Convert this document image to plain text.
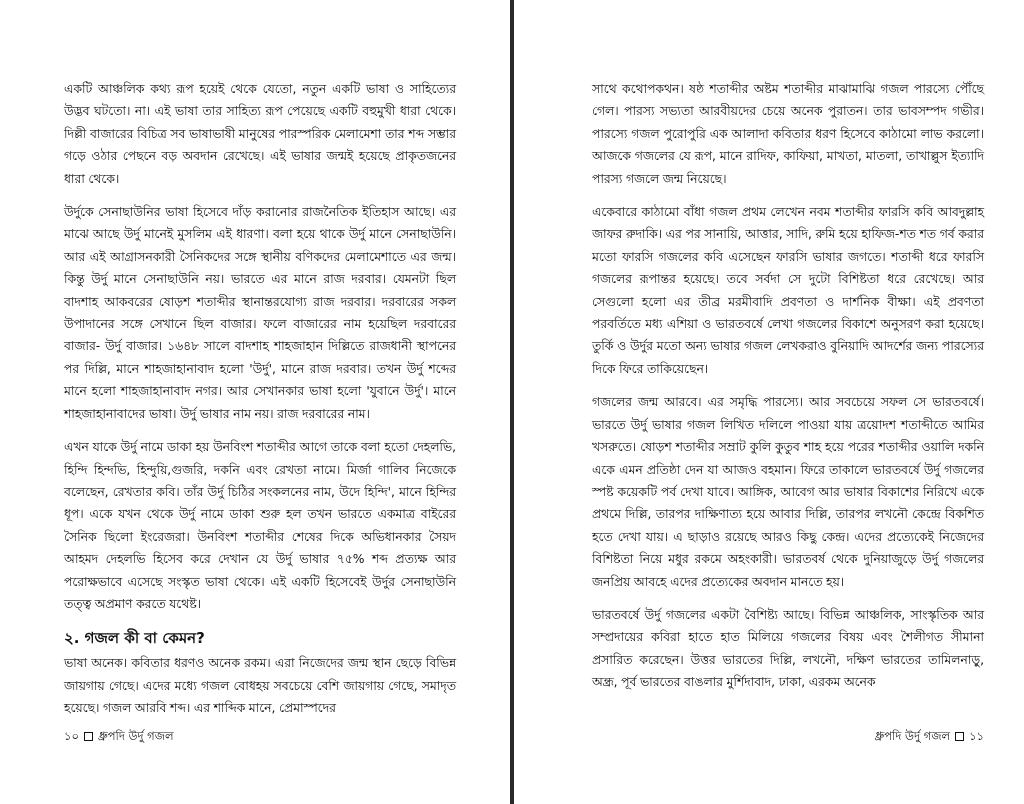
একটি আঞ্চলিক কথ্য রূপ হয়েই থেকে যেতো, নতুন একটি ভাষা ও সাহিত্যের উদ্ভব ঘটতো। না। এই ভাষা তার সাহিত্য রূপ পেয়েছে একটি বহুমুখী ধারা থেকে। দিল্লী বাজারের বিচিত্র সব ভাষাভাষী মানুষের পারস্পরিক মেলামেশা তার শব্দ সম্ভার গড়ে ওঠার পেছনে বড় অবদান রেখেছে। এই ভাষার জন্মই হয়েছে প্রাকৃতজনের ধারা থেকে।

উর্দুকে সেনাছাউনির ভাষা হিসেবে দাঁড় করানোর রাজনৈতিক ইতিহাস আছে। এর মাঝে আছে উর্দু মানেই মুসলিম এই ধারণা। বলা হয়ে থাকে উর্দু মানে সেনাছাউনি। আর এই আগ্রাসনকারী সৈনিকদের সঙ্গে স্থানীয় বণিকদের মেলামেশাতে এর জন্ম। কিন্তু উর্দু মানে সেনাছাউনি নয়। ভারতে এর মানে রাজ দরবার। যেমনটা ছিল বাদশাহ আকবরের ষোড়শ শতাব্দীর স্থানান্তরযোগ্য রাজ দরবার। দরবারের সকল উপাদানের সঙ্গে সেখানে ছিল বাজার। ফলে বাজারের নাম হয়েছিল দরবারের বাজার- উর্দু বাজার। ১৬৪৮ সালে বাদশাহ শাহজাহান দিল্লিতে রাজধানী স্থাপনের পর দিল্লি, মানে শাহজাহানাবাদ হলো 'উর্দু', মানে রাজ দরবার। তখন উর্দু শব্দের মানে হলো শাহজাহানাবাদ নগর। আর সেখানকার ভাষা হলো 'যুবানে উর্দু'। মানে শাহজাহানাবাদের ভাষা। উর্দু ভাষার নাম নয়। রাজ দরবারের নাম।

এখন যাকে উর্দু নামে ডাকা হয় উনবিংশ শতাব্দীর আগে তাকে বলা হতো দেহলভি, হিন্দি হিন্দভি, হিন্দুয়ি,গুজরি, দকনি এবং রেখতা নামে। মির্জা গালিব নিজেকে বলেছেন, রেখতার কবি। তাঁর উর্দু চিঠির সংকলনের নাম, উদে হিন্দি', মানে হিন্দির ধূপ। একে যখন থেকে উর্দু নামে ডাকা শুরু হল তখন ভারতে একমাত্র বাইরের সৈনিক ছিলো ইংরেজরা। উনবিংশ শতাব্দীর শেষের দিকে অভিধানকার সৈয়দ আহমদ দেহলভি হিসেব করে দেখান যে উর্দু ভাষার ৭৫% শব্দ প্রত্যক্ষ আর পরোক্ষভাবে এসেছে সংস্কৃত ভাষা থেকে। এই একটি হিসেবেই উর্দুর সেনাছাউনি তত্ত্ব অপ্রমাণ করতে যথেষ্ট।

২. গজল কী বা কেমন?

ভাষা অনেক। কবিতার ধরণও অনেক রকম। এরা নিজেদের জন্ম স্থান ছেড়ে বিভিন্ন জায়গায় গেছে। এদের মধ্যে গজল বোধহয় সবচেয়ে বেশি জায়গায় গেছে, সমাদৃত হয়েছে। গজল আরবি শব্দ। এর শাব্দিক মানে, প্রেমাস্পদের

১০ ধ্রুপদি উর্দু গজল

সাথে কথোপকথন। ষষ্ঠ শতাব্দীর অষ্টম শতাব্দীর মাঝামাঝি গজল পারস্যে পৌঁছে গেল। পারস্য সভ্যতা আরবীয়দের চেয়ে অনেক পুরাতন। তার ভাবসম্পদ গভীর। পারস্যে গজল পুরোপুরি এক আলাদা কবিতার ধরণ হিসেবে কাঠামো লাভ করলো। আজকে গজলের যে রূপ, মানে রাদিফ, কাফিয়া, মাখতা, মাতলা, তাখাল্লুস ইত্যাদি পারস্য গজলে জন্ম নিয়েছে।

একেবারে কাঠামো বাঁধা গজল প্রথম লেখেন নবম শতাব্দীর ফারসি কবি আবদুল্লাহ জাফর রুদাকি। এর পর সানায়ি, আত্তার, সাদি, রুমি হয়ে হাফিজ-শত শত গর্ব করার মতো ফারসি গজলের কবি এসেছেন ফারসি ভাষার জগতে। শতাব্দী ধরে ফারসি গজলের রূপান্তর হয়েছে। তবে সর্বদা সে দুটো বিশিষ্টতা ধরে রেখেছে। আর সেগুলো হলো এর তীব্র মরমীবাদি প্রবণতা ও দার্শনিক বীক্ষা। এই প্রবণতা পরবর্তিতে মধ্য এশিয়া ও ভারতবর্ষে লেখা গজলের বিকাশে অনুসরণ করা হয়েছে। তুর্কি ও উর্দুর মতো অন্য ভাষার গজল লেখকরাও বুনিয়াদি আদর্শের জন্য পারস্যের দিকে ফিরে তাকিয়েছেন।

গজলের জন্ম আরবে। এর সমৃদ্ধি পারস্যে। আর সবচেয়ে সফল সে ভারতবর্ষে। ভারতে উর্দু ভাষার গজল লিখিত দলিলে পাওয়া যায় ত্রয়োদশ শতাব্দীতে আমির খসরুতে। ষোড়শ শতাব্দীর সম্রাট কুলি কুতুব শাহ হয়ে পরের শতাব্দীর ওয়ালি দকনি একে এমন প্রতিষ্ঠা দেন যা আজও বহমান। ফিরে তাকালে ভারতবর্ষে উর্দু গজলের স্পষ্ট কয়েকটি পর্ব দেখা যাবে। আঙ্গিক, আবেগ আর ভাষার বিকাশের নিরিখে একে প্রথমে দিল্লি, তারপর দাক্ষিণাত্য হয়ে আবার দিল্লি, তারপর লখনৌ কেন্দ্রে বিকশিত হতে দেখা যায়। এ ছাড়াও রয়েছে আরও কিছু কেন্দ্র। এদের প্রত্যেকেই নিজেদের বিশিষ্টতা নিয়ে মধুর রকমে অহংকারী। ভারতবর্ষ থেকে দুনিয়াজুড়ে উর্দু গজলের জনপ্রিয় আবহে এদের প্রত্যেকের অবদান মানতে হয়।

ভারতবর্ষে উর্দু গজলের একটা বৈশিষ্ট্য আছে। বিভিন্ন আঞ্চলিক, সাংস্কৃতিক আর সম্প্রদায়ের কবিরা হাতে হাত মিলিয়ে গজলের বিষয় এবং শৈলীগত সীমানা প্রসারিত করেছেন। উত্তর ভারতের দিল্লি, লখনৌ, দক্ষিণ ভারতের তামিলনাড়ু, অন্ধ্র, পূর্ব ভারতের বাঙলার মুর্শিদাবাদ, ঢাকা, এরকম অনেক

ধ্রুপদি উর্দু গজল ১১
